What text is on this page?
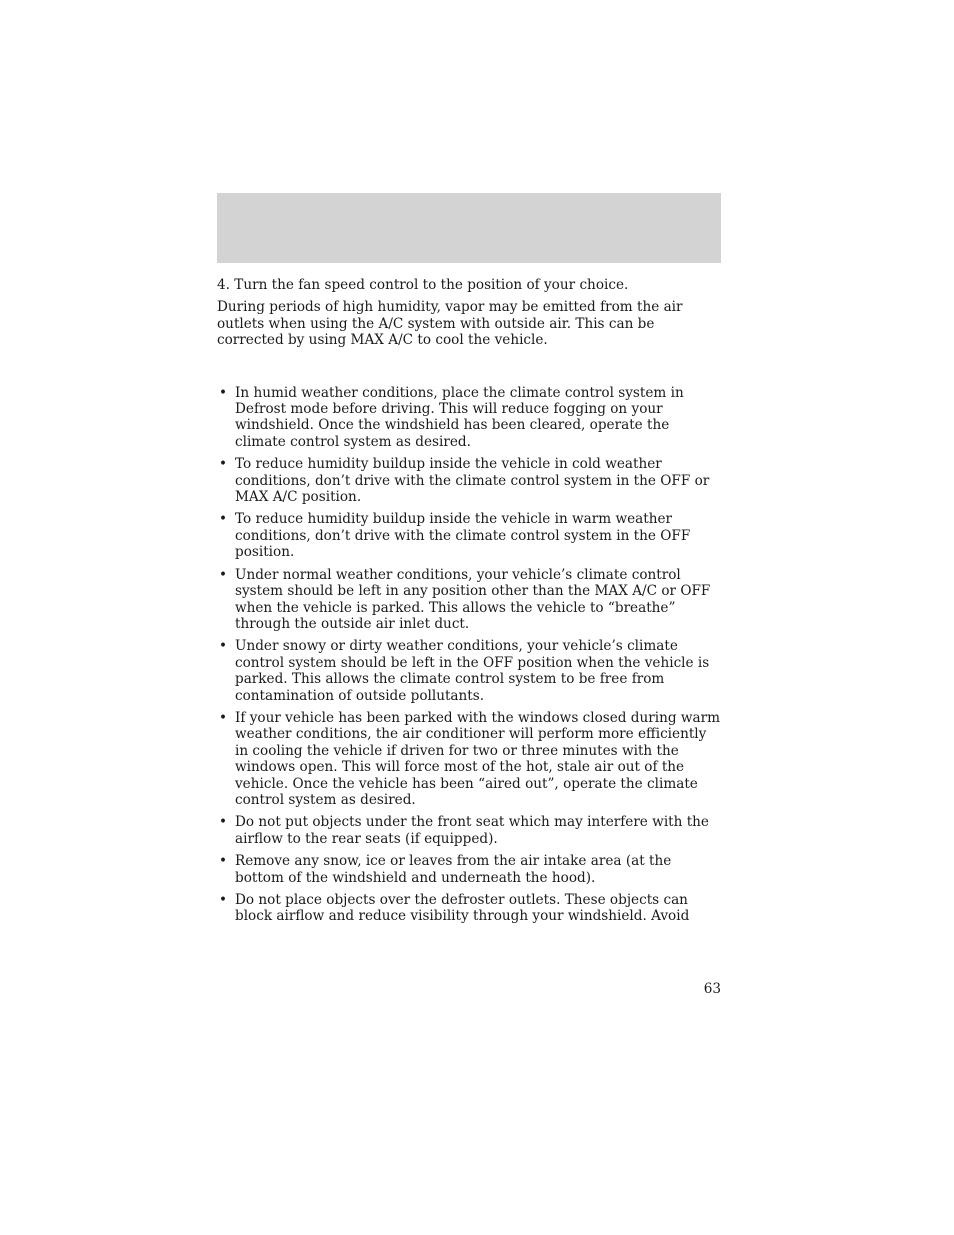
4. Turn the fan speed control to the position of your choice.

During periods of high humidity, vapor may be emitted from the air outlets when using the A/C system with outside air. This can be corrected by using MAX A/C to cool the vehicle.

• In humid weather conditions, place the climate control system in Defrost mode before driving. This will reduce fogging on your windshield. Once the windshield has been cleared, operate the climate control system as desired.
• To reduce humidity buildup inside the vehicle in cold weather conditions, don’t drive with the climate control system in the OFF or MAX A/C position.
• To reduce humidity buildup inside the vehicle in warm weather conditions, don’t drive with the climate control system in the OFF position.
• Under normal weather conditions, your vehicle’s climate control system should be left in any position other than the MAX A/C or OFF when the vehicle is parked. This allows the vehicle to “breathe” through the outside air inlet duct.
• Under snowy or dirty weather conditions, your vehicle’s climate control system should be left in the OFF position when the vehicle is parked. This allows the climate control system to be free from contamination of outside pollutants.
• If your vehicle has been parked with the windows closed during warm weather conditions, the air conditioner will perform more efficiently in cooling the vehicle if driven for two or three minutes with the windows open. This will force most of the hot, stale air out of the vehicle. Once the vehicle has been “aired out”, operate the climate control system as desired.
• Do not put objects under the front seat which may interfere with the airflow to the rear seats (if equipped).
• Remove any snow, ice or leaves from the air intake area (at the bottom of the windshield and underneath the hood).
• Do not place objects over the defroster outlets. These objects can block airflow and reduce visibility through your windshield. Avoid
63
